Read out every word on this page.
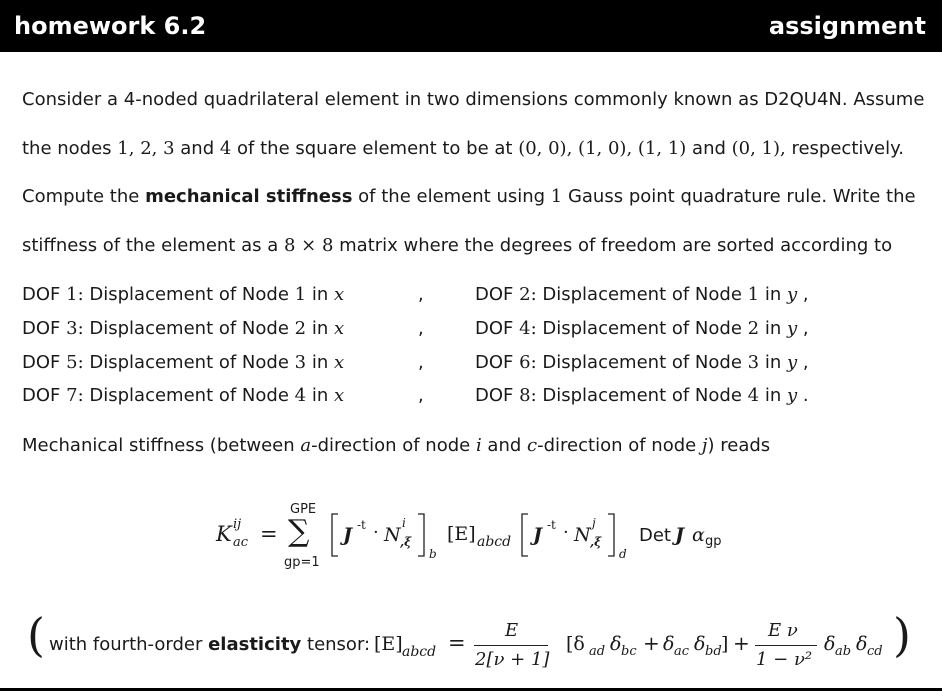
homework 6.2	assignment
Consider a 4-noded quadrilateral element in two dimensions commonly known as D2QU4N. Assume
the nodes 1, 2, 3 and 4 of the square element to be at (0, 0), (1, 0), (1, 1) and (0, 1), respectively.
Compute the mechanical stiffness of the element using 1 Gauss point quadrature rule. Write the
stiffness of the element as a 8 × 8 matrix where the degrees of freedom are sorted according to
DOF 1: Displacement of Node 1 in x	,	DOF 2: Displacement of Node 1 in y ,
DOF 3: Displacement of Node 2 in x	,	DOF 4: Displacement of Node 2 in y ,
DOF 5: Displacement of Node 3 in x	,	DOF 6: Displacement of Node 3 in y ,
DOF 7: Displacement of Node 4 in x	,	DOF 8: Displacement of Node 4 in y .
Mechanical stiffness (between a-direction of node i and c-direction of node j) reads
K ij
ac =
GPE
∑
gp=1
J -t · N
i
,ξ
b
[E] abcd J -t · N
j
,ξ
d
Det J α gp
( with fourth-order elasticity tensor: [E] abcd =
E
2[ν + 1]
[δ ad δ bc + δ ac δ bd ] +
E ν
1 − ν²
δ ab δ cd )
